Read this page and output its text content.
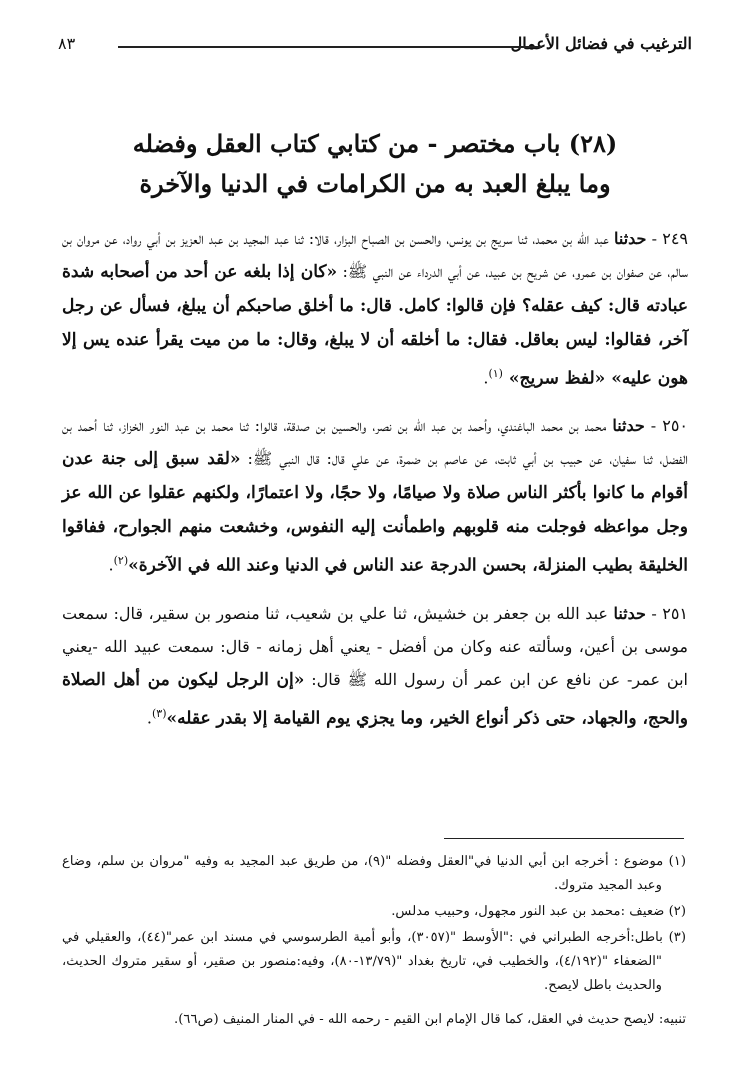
الترغيب في فضائل الأعمال
٨٣
(٢٨) باب مختصر - من كتابي كتاب العقل وفضله
وما يبلغ العبد به من الكرامات في الدنيا والآخرة

٢٤٩ - حدثنا عبد الله بن محمد، ثنا سريج بن يونس، والحسن بن الصباح البزار، قالا: ثنا عبد المجيد بن عبد العزيز بن أبي رواد، عن مروان بن سالم، عن صفوان بن عمرو، عن شريح بن عبيد، عن أبي الدرداء عن النبي ﷺ: «كان إذا بلغه عن أحد من أصحابه شدة عبادته قال: كيف عقله؟ فإن قالوا: كامل. قال: ما أخلق صاحبكم أن يبلغ، فسأل عن رجل آخر، فقالوا: ليس بعاقل. فقال: ما أخلقه أن لا يبلغ، وقال: ما من ميت يقرأ عنده يس إلا هون عليه» «لفظ سريج» $^{(١)}$.

٢٥٠ - حدثنا محمد بن محمد الباغندي، وأحمد بن عبد الله بن نصر، والحسين بن صدقة، قالوا: ثنا محمد بن عبد النور الخزاز، ثنا أحمد بن الفضل، ثنا سفيان، عن حبيب بن أبي ثابت، عن عاصم بن ضمرة، عن علي قال: قال النبي ﷺ: «لقد سبق إلى جنة عدن أقوام ما كانوا بأكثر الناس صلاة ولا صيامًا، ولا حجًا، ولا اعتمارًا، ولكنهم عقلوا عن الله عز وجل مواعظه فوجلت منه قلوبهم واطمأنت إليه النفوس، وخشعت منهم الجوارح، ففاقوا الخليقة بطيب المنزلة، بحسن الدرجة عند الناس في الدنيا وعند الله في الآخرة»$^{(٢)}$.

٢٥١ - حدثنا عبد الله بن جعفر بن خشيش، ثنا علي بن شعيب، ثنا منصور بن سقير، قال: سمعت موسى بن أعين، وسألته عنه وكان من أفضل - يعني أهل زمانه - قال: سمعت عبيد الله -يعني ابن عمر- عن نافع عن ابن عمر أن رسول الله ﷺ قال: «إن الرجل ليكون من أهل الصلاة والحج، والجهاد، حتى ذكر أنواع الخير، وما يجزي يوم القيامة إلا بقدر عقله»$^{(٣)}$.

(١) موضوع : أخرجه ابن أبي الدنيا في"العقل وفضله "(٩)، من طريق عبد المجيد به وفيه "مروان بن سلم، وضاع وعبد المجيد متروك.

(٢) ضعيف :محمد بن عبد النور مجهول، وحبيب مدلس.

(٣) باطل:أخرجه الطبراني في :"الأوسط "(٣٠٥٧)، وأبو أمية الطرسوسي في مسند ابن عمر"(٤٤)، والعقيلي في "الضعفاء "(٤/١٩٢)، والخطيب في، تاريخ بغداد "(١٣/٧٩-٨٠)، وفيه:منصور بن صقير، أو سقير متروك الحديث، والحديث باطل لايصح.

تنبيه: لايصح حديث في العقل، كما قال الإمام ابن القيم - رحمه الله - في المنار المنيف (ص٦٦).
